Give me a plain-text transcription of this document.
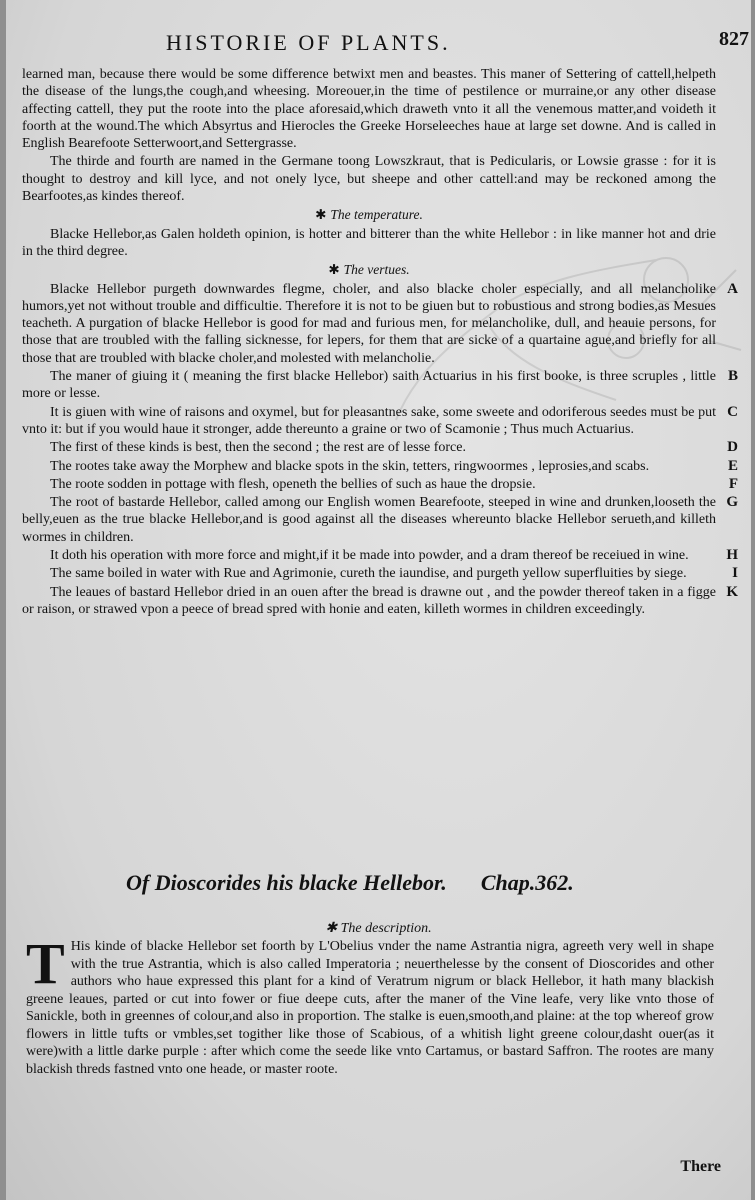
HISTORIE OF PLANTS.	827

learned man, because there would be some difference betwixt men and beastes. This maner of Settering of cattell,helpeth the disease of the lungs,the cough,and wheesing. Moreouer,in the time of pestilence or murraine,or any other disease affecting cattell, they put the roote into the place aforesaid,which draweth vnto it all the venemous matter,and voideth it foorth at the wound.The which Absyrtus and Hierocles the Greeke Horseleeches haue at large set downe. And is called in English Bearefoote Setterwoort,and Settergrasse.

The thirde and fourth are named in the Germane toong Lowszkraut, that is Pedicularis, or Lowsie grasse : for it is thought to destroy and kill lyce, and not onely lyce, but sheepe and other cattell:and may be reckoned among the Bearfootes,as kindes thereof.

✱ The temperature.

Blacke Hellebor,as Galen holdeth opinion, is hotter and bitterer than the white Hellebor : in like manner hot and drie in the third degree.

✱ The vertues.

Blacke Hellebor purgeth downwardes flegme, choler, and also blacke choler especially, and all melancholike humors,yet not without trouble and difficultie. Therefore it is not to be giuen but to robustious and strong bodies,as Mesues teacheth. A purgation of blacke Hellebor is good for mad and furious men, for melancholike, dull, and heauie persons, for those that are troubled with the falling sicknesse, for lepers, for them that are sicke of a quartaine ague,and briefly for all those that are troubled with blacke choler,and molested with melancholie.
A

The maner of giuing it ( meaning the first blacke Hellebor) saith Actuarius in his first booke, is three scruples , little more or lesse.
B

It is giuen with wine of raisons and oxymel, but for pleasantnes sake, some sweete and odoriferous seedes must be put vnto it: but if you would haue it stronger, adde thereunto a graine or two of Scamonie ; Thus much Actuarius.
C

The first of these kinds is best, then the second ; the rest are of lesse force.	D

The rootes take away the Morphew and blacke spots in the skin, tetters, ringwoormes , leprosies,and scabs.	E

The roote sodden in pottage with flesh, openeth the bellies of such as haue the dropsie.	F

The root of bastarde Hellebor, called among our English women Bearefoote, steeped in wine and drunken,looseth the belly,euen as the true blacke Hellebor,and is good against all the diseases whereunto blacke Hellebor serueth,and killeth wormes in children.
G

It doth his operation with more force and might,if it be made into powder, and a dram thereof be receiued in wine.	H

The same boiled in water with Rue and Agrimonie, cureth the iaundise, and purgeth yellow superfluities by siege.	I

The leaues of bastard Hellebor dried in an ouen after the bread is drawne out , and the powder thereof taken in a figge or raison, or strawed vpon a peece of bread spred with honie and eaten, killeth wormes in children exceedingly.
K

Of Dioscorides his blacke Hellebor. Chap.362.
✱ The description.
T His kinde of blacke Hellebor set foorth by L'Obelius vnder the name Astrantia nigra, agreeth very well in shape with the true Astrantia, which is also called Imperatoria ; neuerthelesse by the consent of Dioscorides and other authors who haue expressed this plant for a kind of Veratrum nigrum or black Hellebor, it hath many blackish greene leaues, parted or cut into fower or fiue deepe cuts, after the maner of the Vine leafe, very like vnto those of Sanickle, both in greennes of colour,and also in proportion. The stalke is euen,smooth,and plaine: at the top whereof grow flowers in little tufts or vmbles,set togither like those of Scabious, of a whitish light greene colour,dasht ouer(as it were)with a little darke purple : after which come the seede like vnto Cartamus, or bastard Saffron. The rootes are many blackish threds fastned vnto one heade, or master roote.
There
